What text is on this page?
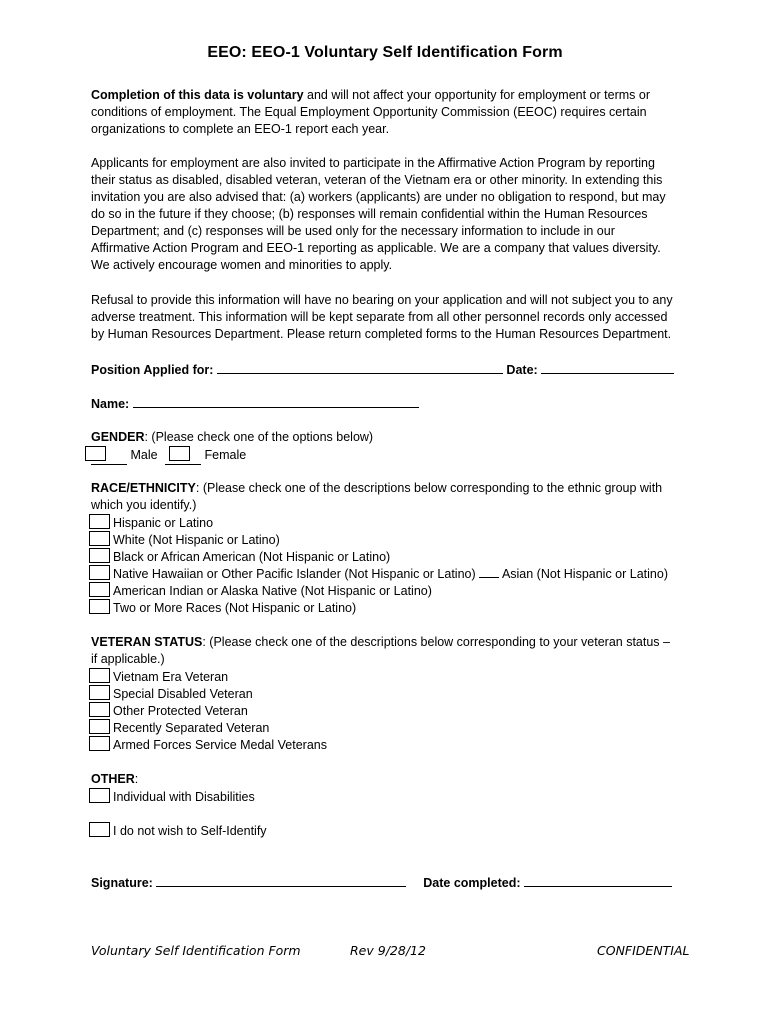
EEO: EEO-1 Voluntary Self Identification Form
Completion of this data is voluntary and will not affect your opportunity for employment or terms or
conditions of employment. The Equal Employment Opportunity Commission (EEOC) requires certain
organizations to complete an EEO-1 report each year.
Applicants for employment are also invited to participate in the Affirmative Action Program by reporting
their status as disabled, disabled veteran, veteran of the Vietnam era or other minority. In extending this
invitation you are also advised that: (a) workers (applicants) are under no obligation to respond, but may
do so in the future if they choose; (b) responses will remain confidential within the Human Resources
Department; and (c) responses will be used only for the necessary information to include in our
Affirmative Action Program and EEO-1 reporting as applicable. We are a company that values diversity.
We actively encourage women and minorities to apply.
Refusal to provide this information will have no bearing on your application and will not subject you to any
adverse treatment. This information will be kept separate from all other personnel records only accessed
by Human Resources Department. Please return completed forms to the Human Resources Department.
Position Applied for:	Date:
Name:
GENDER: (Please check one of the options below)
Male	Female
RACE/ETHNICITY: (Please check one of the descriptions below corresponding to the ethnic group with
which you identify.)
Hispanic or Latino
White (Not Hispanic or Latino)
Black or African American (Not Hispanic or Latino)
Native Hawaiian or Other Pacific Islander (Not Hispanic or Latino) Asian (Not Hispanic or Latino)
American Indian or Alaska Native (Not Hispanic or Latino)
Two or More Races (Not Hispanic or Latino)
VETERAN STATUS: (Please check one of the descriptions below corresponding to your veteran status –
if applicable.)
Vietnam Era Veteran
Special Disabled Veteran
Other Protected Veteran
Recently Separated Veteran
Armed Forces Service Medal Veterans
OTHER:
Individual with Disabilities
I do not wish to Self-Identify
Signature:	Date completed:
Voluntary Self Identification Form	Rev 9/28/12	CONFIDENTIAL
